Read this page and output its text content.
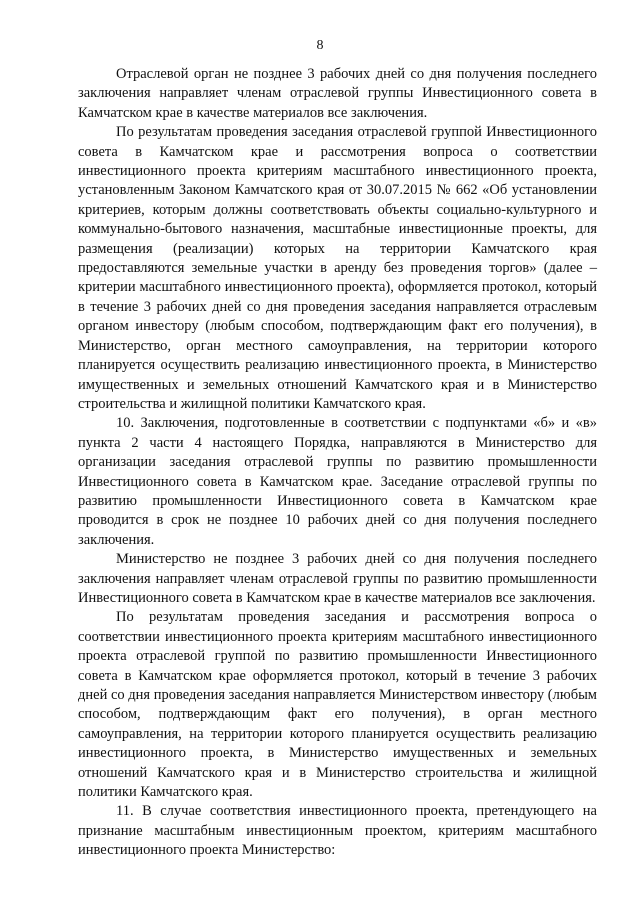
8

Отраслевой орган не позднее 3 рабочих дней со дня получения последнего заключения направляет членам отраслевой группы Инвестиционного совета в Камчатском крае в качестве материалов все заключения.

По результатам проведения заседания отраслевой группой Инвестиционного совета в Камчатском крае и рассмотрения вопроса о соответствии инвестиционного проекта критериям масштабного инвестиционного проекта, установленным Законом Камчатского края от 30.07.2015 № 662 «Об установлении критериев, которым должны соответствовать объекты социально-культурного и коммунально-бытового назначения, масштабные инвестиционные проекты, для размещения (реализации) которых на территории Камчатского края предоставляются земельные участки в аренду без проведения торгов» (далее – критерии масштабного инвестиционного проекта), оформляется протокол, который в течение 3 рабочих дней со дня проведения заседания направляется отраслевым органом инвестору (любым способом, подтверждающим факт его получения), в Министерство, орган местного самоуправления, на территории которого планируется осуществить реализацию инвестиционного проекта, в Министерство имущественных и земельных отношений Камчатского края и в Министерство строительства и жилищной политики Камчатского края.

10. Заключения, подготовленные в соответствии с подпунктами «б» и «в» пункта 2 части 4 настоящего Порядка, направляются в Министерство для организации заседания отраслевой группы по развитию промышленности Инвестиционного совета в Камчатском крае. Заседание отраслевой группы по развитию промышленности Инвестиционного совета в Камчатском крае проводится в срок не позднее 10 рабочих дней со дня получения последнего заключения.

Министерство не позднее 3 рабочих дней со дня получения последнего заключения направляет членам отраслевой группы по развитию промышленности Инвестиционного совета в Камчатском крае в качестве материалов все заключения.

По результатам проведения заседания и рассмотрения вопроса о соответствии инвестиционного проекта критериям масштабного инвестиционного проекта отраслевой группой по развитию промышленности Инвестиционного совета в Камчатском крае оформляется протокол, который в течение 3 рабочих дней со дня проведения заседания направляется Министерством инвестору (любым способом, подтверждающим факт его получения), в орган местного самоуправления, на территории которого планируется осуществить реализацию инвестиционного проекта, в Министерство имущественных и земельных отношений Камчатского края и в Министерство строительства и жилищной политики Камчатского края.

11. В случае соответствия инвестиционного проекта, претендующего на признание масштабным инвестиционным проектом, критериям масштабного инвестиционного проекта Министерство:
